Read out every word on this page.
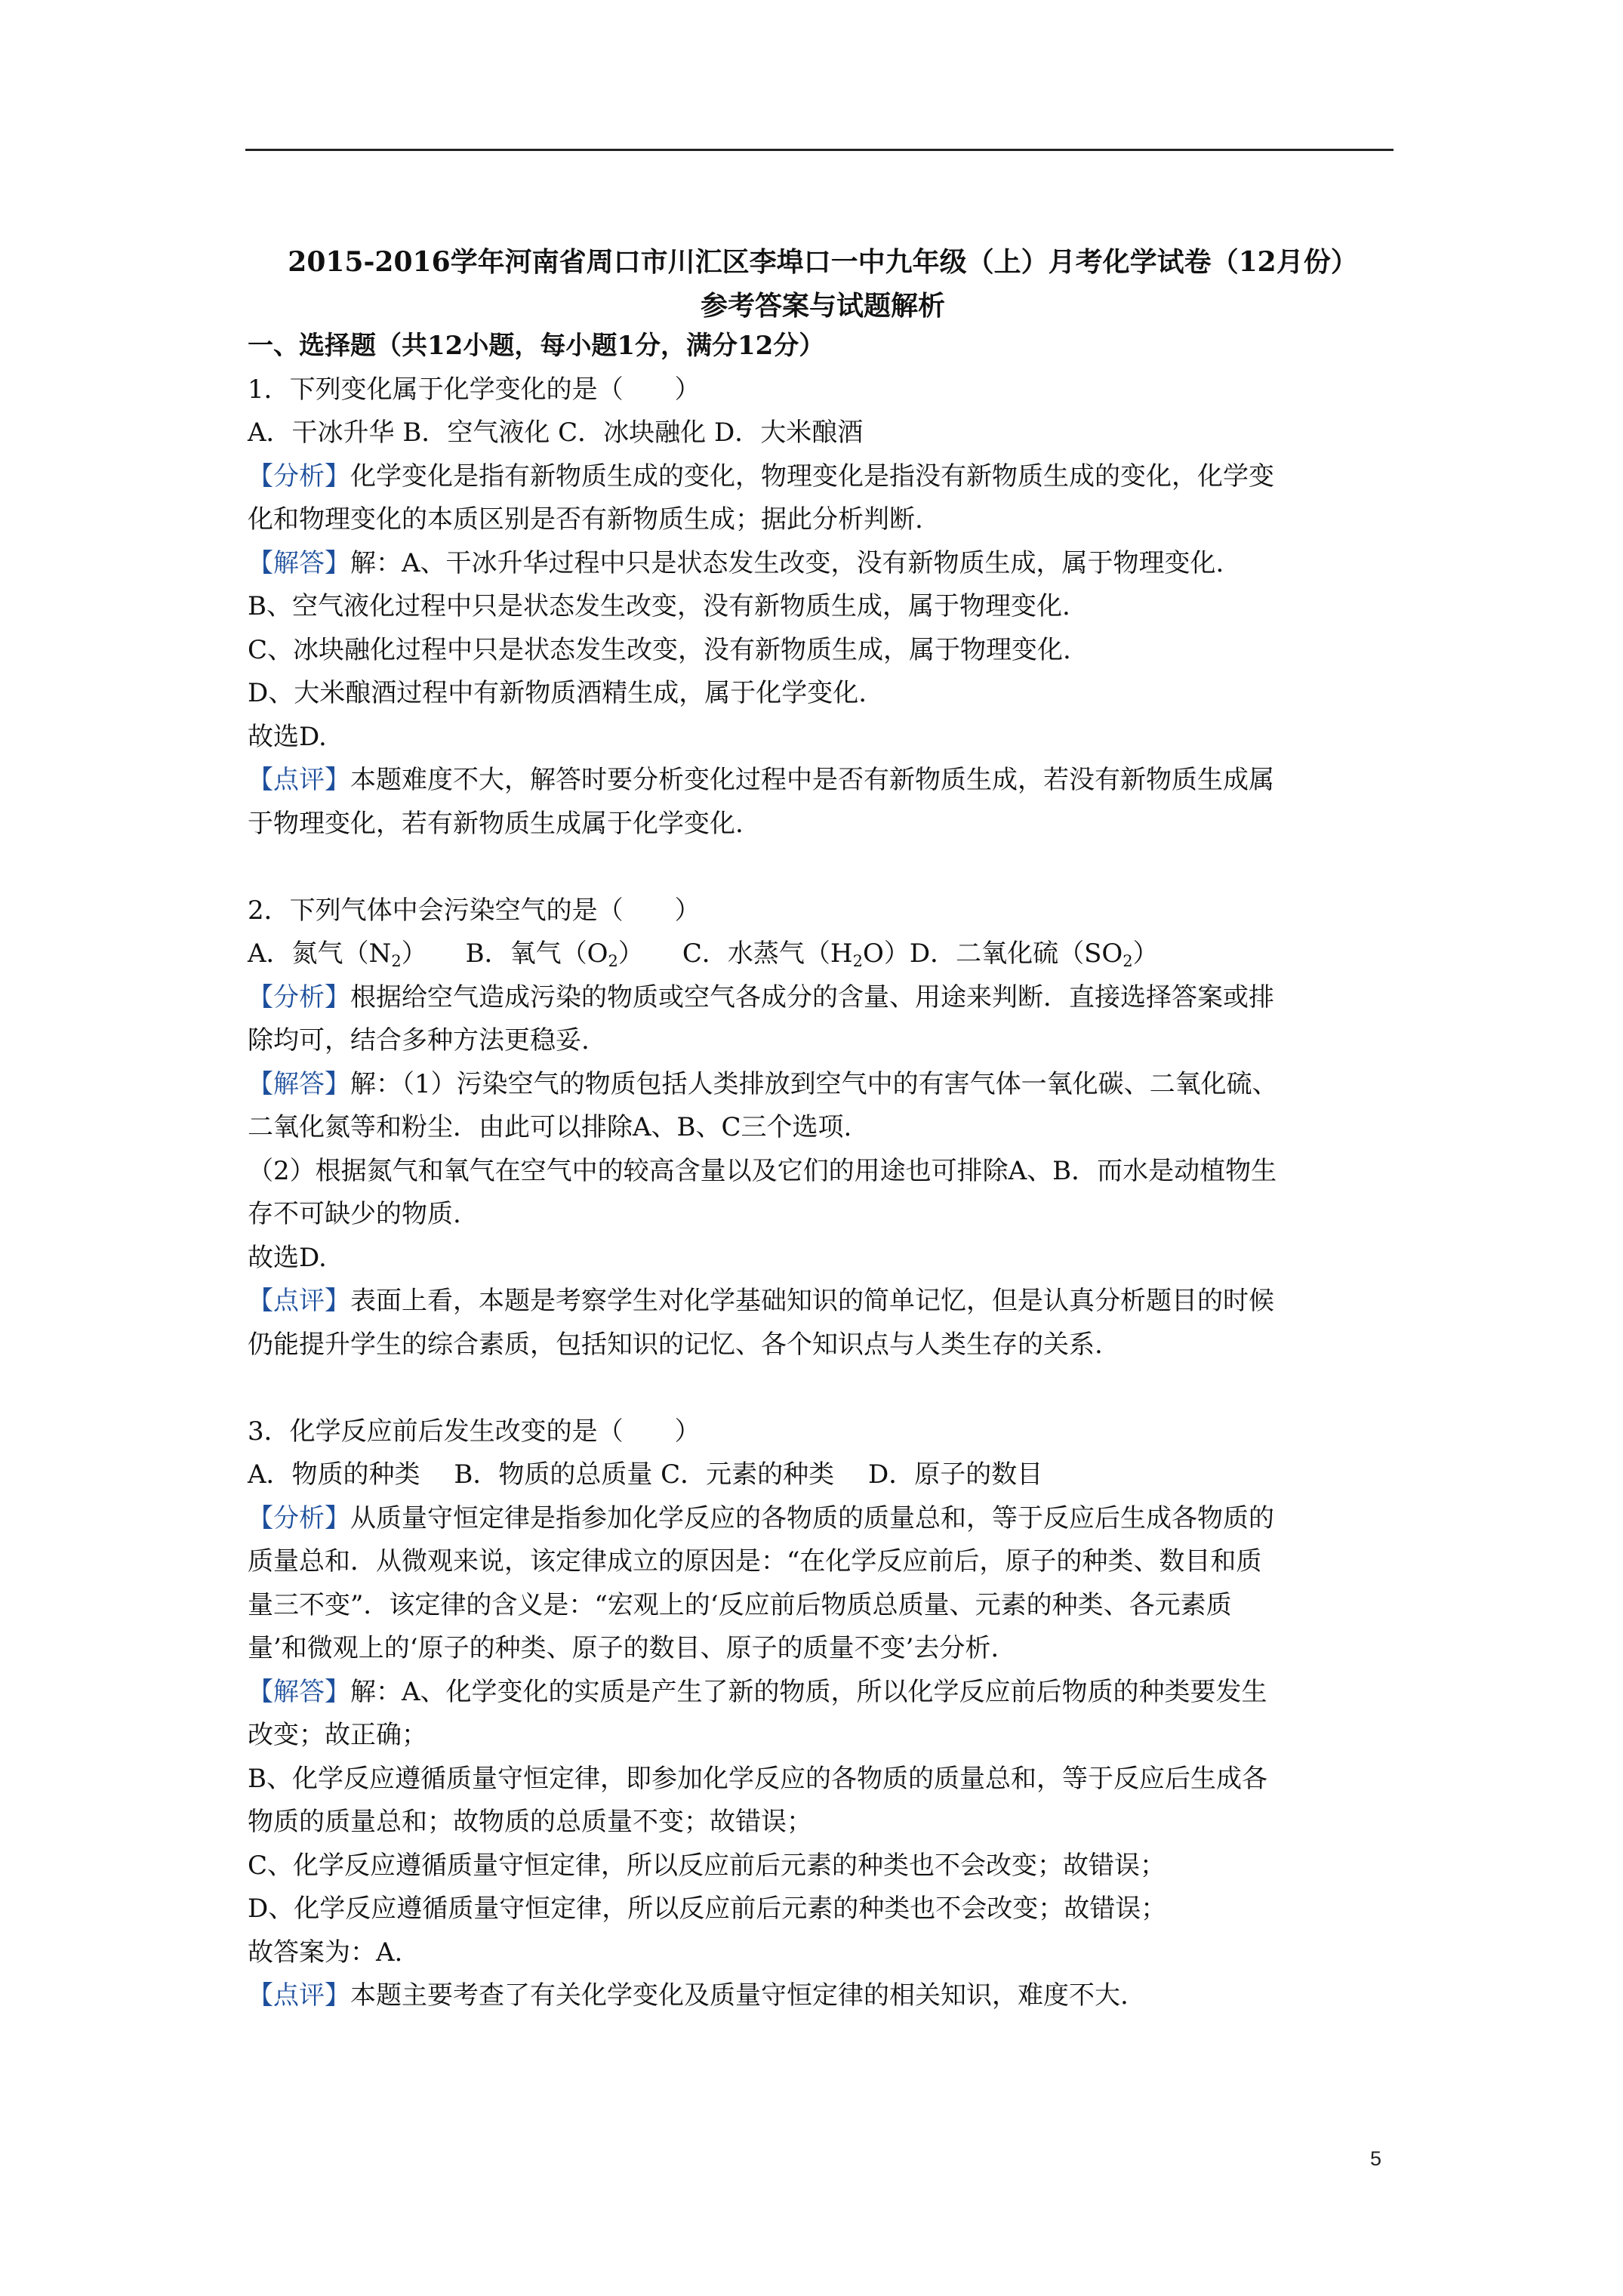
2015-2016学年河南省周口市川汇区李埠口一中九年级（上）月考化学试卷（12月份）
参考答案与试题解析
一、选择题（共12小题，每小题1分，满分12分）
1．下列变化属于化学变化的是（　　）
A．干冰升华 B．空气液化 C．冰块融化 D．大米酿酒
【分析】化学变化是指有新物质生成的变化，物理变化是指没有新物质生成的变化，化学变
化和物理变化的本质区别是否有新物质生成；据此分析判断.
【解答】解：A、干冰升华过程中只是状态发生改变，没有新物质生成，属于物理变化.
B、空气液化过程中只是状态发生改变，没有新物质生成，属于物理变化.
C、冰块融化过程中只是状态发生改变，没有新物质生成，属于物理变化.
D、大米酿酒过程中有新物质酒精生成，属于化学变化.
故选D.
【点评】本题难度不大，解答时要分析变化过程中是否有新物质生成，若没有新物质生成属
于物理变化，若有新物质生成属于化学变化.
2．下列气体中会污染空气的是（　　）
A．氮气$(N_2)$　　B．氧气$(O_2)$　　C．水蒸气$(H_2O)D$．二氧化硫$(SO_2)$
【分析】根据给空气造成污染的物质或空气各成分的含量、用途来判断．直接选择答案或排
除均可，结合多种方法更稳妥.
【解答】解：（1）污染空气的物质包括人类排放到空气中的有害气体一氧化碳、二氧化硫、
二氧化氮等和粉尘．由此可以排除A、B、C三个选项.
（2）根据氮气和氧气在空气中的较高含量以及它们的用途也可排除A、B．而水是动植物生
存不可缺少的物质.
故选D.
【点评】表面上看，本题是考察学生对化学基础知识的简单记忆，但是认真分析题目的时候
仍能提升学生的综合素质，包括知识的记忆、各个知识点与人类生存的关系.
3．化学反应前后发生改变的是（　　）
A．物质的种类　 B．物质的总质量 C．元素的种类　 D．原子的数目
【分析】从质量守恒定律是指参加化学反应的各物质的质量总和，等于反应后生成各物质的
质量总和．从微观来说，该定律成立的原因是：“在化学反应前后，原子的种类、数目和质
量三不变”．该定律的含义是：“宏观上的‘反应前后物质总质量、元素的种类、各元素质
量’和微观上的‘原子的种类、原子的数目、原子的质量不变’去分析.
【解答】解：A、化学变化的实质是产生了新的物质，所以化学反应前后物质的种类要发生
改变；故正确；
B、化学反应遵循质量守恒定律，即参加化学反应的各物质的质量总和，等于反应后生成各
物质的质量总和；故物质的总质量不变；故错误；
C、化学反应遵循质量守恒定律，所以反应前后元素的种类也不会改变；故错误；
D、化学反应遵循质量守恒定律，所以反应前后元素的种类也不会改变；故错误；
故答案为：A.
【点评】本题主要考查了有关化学变化及质量守恒定律的相关知识，难度不大.
5
